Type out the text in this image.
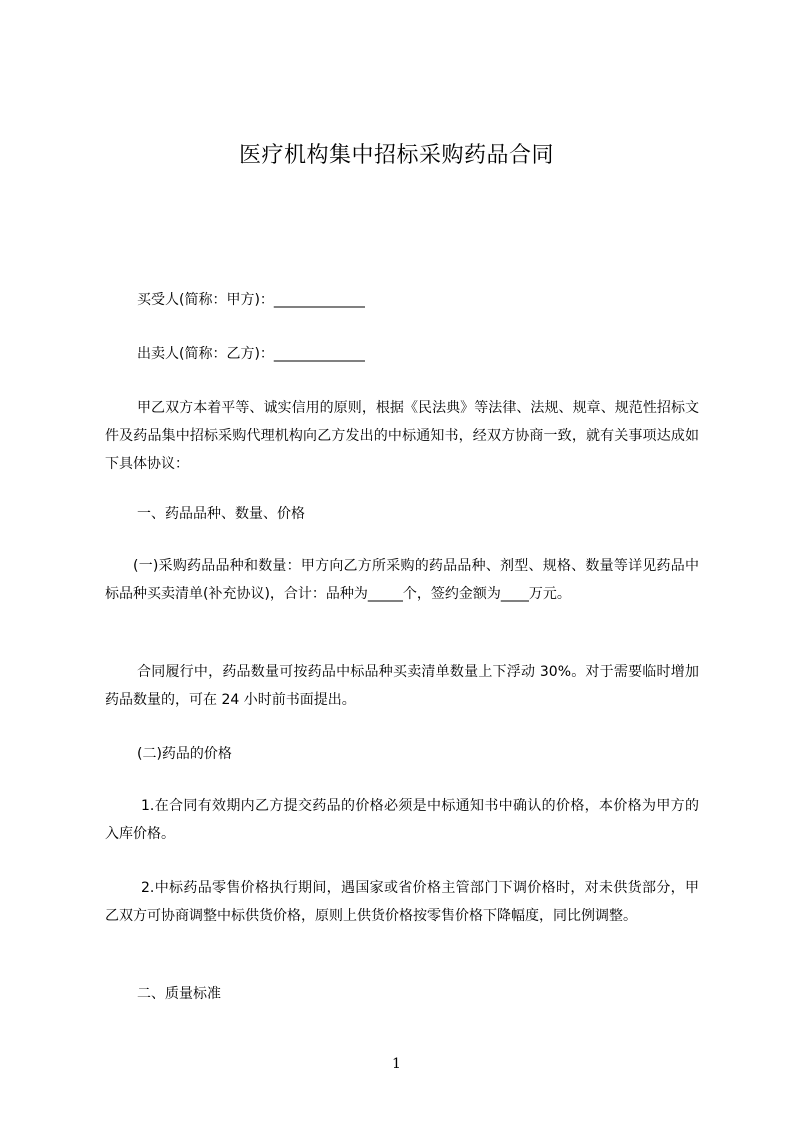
医疗机构集中招标采购药品合同

买受人(简称：甲方)：_____________

出卖人(简称：乙方)：_____________

甲乙双方本着平等、诚实信用的原则，根据《民法典》等法律、法规、规章、规范性招标文件及药品集中招标采购代理机构向乙方发出的中标通知书，经双方协商一致，就有关事项达成如下具体协议：

一、药品品种、数量、价格

(一)采购药品品种和数量：甲方向乙方所采购的药品品种、剂型、规格、数量等详见药品中标品种买卖清单(补充协议)，合计：品种为_____个，签约金额为____万元。

合同履行中，药品数量可按药品中标品种买卖清单数量上下浮动 30%。对于需要临时增加药品数量的，可在 24 小时前书面提出。

(二)药品的价格

1.在合同有效期内乙方提交药品的价格必须是中标通知书中确认的价格，本价格为甲方的入库价格。

2.中标药品零售价格执行期间，遇国家或省价格主管部门下调价格时，对未供货部分，甲乙双方可协商调整中标供货价格，原则上供货价格按零售价格下降幅度，同比例调整。

二、质量标准

1
